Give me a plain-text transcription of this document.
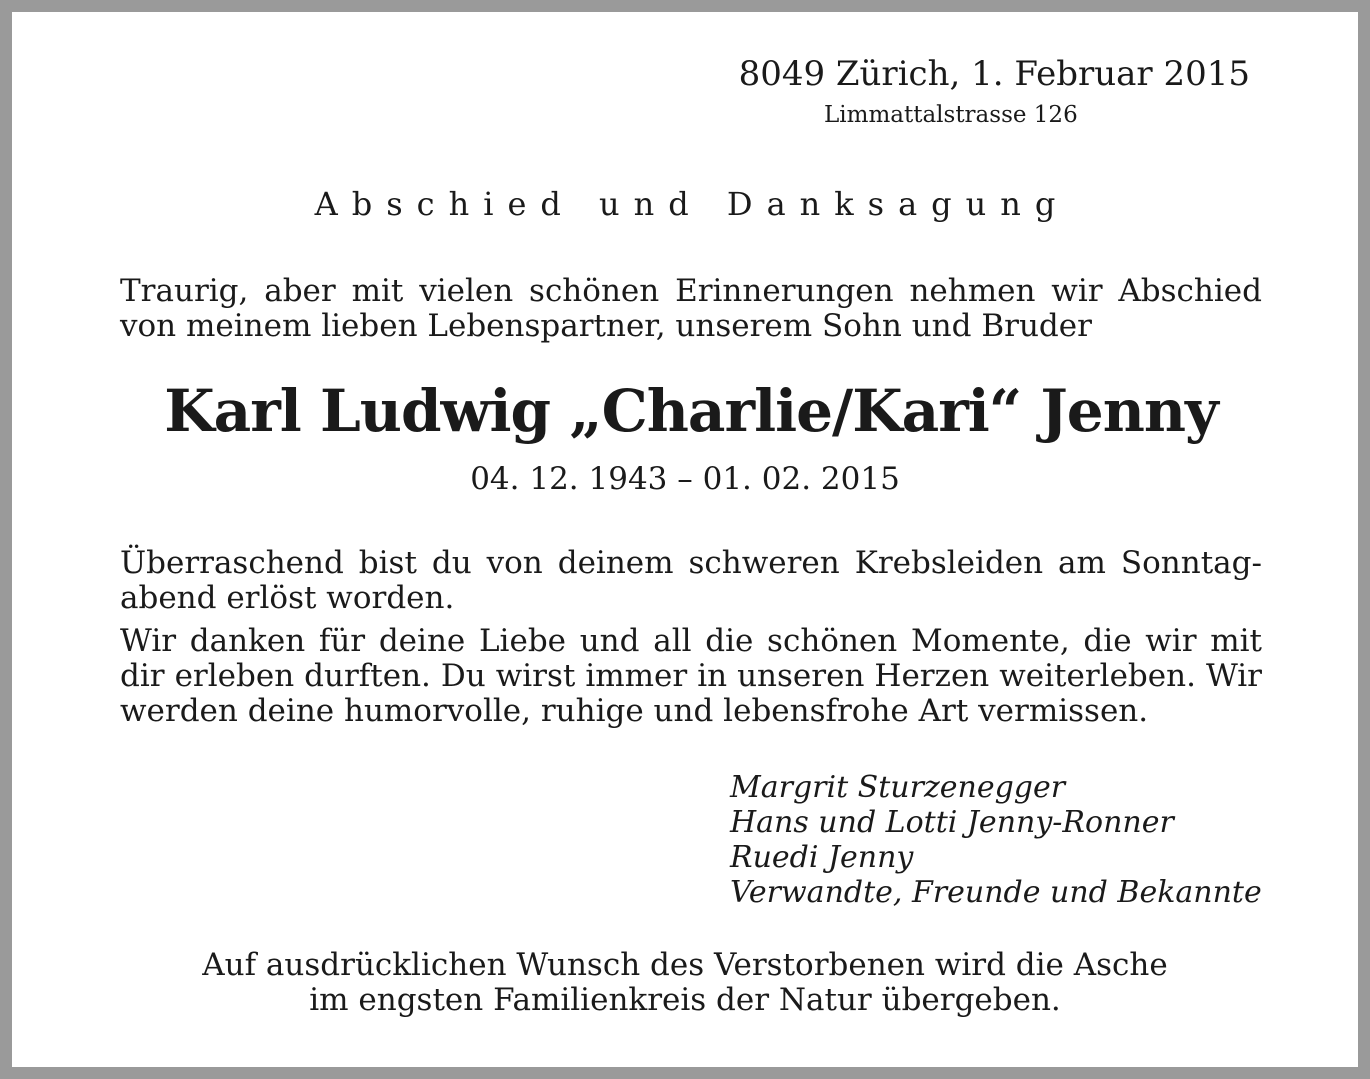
8049 Zürich, 1. Februar 2015
Limmattalstrasse 126
Abschied und Danksagung
Traurig, aber mit vielen schönen Erinnerungen nehmen wir Abschied von meinem lieben Lebenspartner, unserem Sohn und Bruder
Karl Ludwig „Charlie/Kari“ Jenny
04. 12. 1943 – 01. 02. 2015
Überraschend bist du von deinem schweren Krebsleiden am Sonntagabend erlöst worden.
Wir danken für deine Liebe und all die schönen Momente, die wir mit dir erleben durften. Du wirst immer in unseren Herzen weiterleben. Wir werden deine humorvolle, ruhige und lebensfrohe Art vermissen.
Margrit Sturzenegger
Hans und Lotti Jenny-Ronner
Ruedi Jenny
Verwandte, Freunde und Bekannte
Auf ausdrücklichen Wunsch des Verstorbenen wird die Asche
im engsten Familienkreis der Natur übergeben.
